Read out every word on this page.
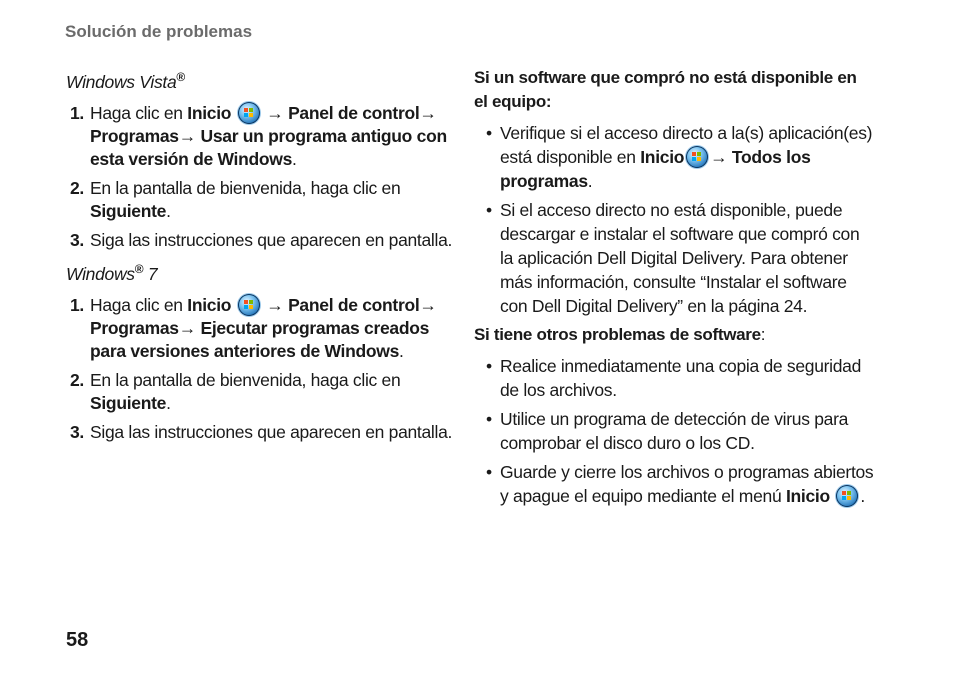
Solución de problemas
Windows Vista®
1. Haga clic en Inicio  → Panel de control→ Programas→ Usar un programa antiguo con esta versión de Windows.
2. En la pantalla de bienvenida, haga clic en Siguiente.
3. Siga las instrucciones que aparecen en pantalla.
Windows® 7
1. Haga clic en Inicio  → Panel de control→ Programas→ Ejecutar programas creados para versiones anteriores de Windows.
2. En la pantalla de bienvenida, haga clic en Siguiente.
3. Siga las instrucciones que aparecen en pantalla.
Si un software que compró no está disponible en el equipo:
• Verifique si el acceso directo a la(s) aplicación(es) está disponible en Inicio → Todos los programas.
• Si el acceso directo no está disponible, puede descargar e instalar el software que compró con la aplicación Dell Digital Delivery. Para obtener más información, consulte “Instalar el software con Dell Digital Delivery” en la página 24.
Si tiene otros problemas de software:
• Realice inmediatamente una copia de seguridad de los archivos.
• Utilice un programa de detección de virus para comprobar el disco duro o los CD.
• Guarde y cierre los archivos o programas abiertos y apague el equipo mediante el menú Inicio .
58
